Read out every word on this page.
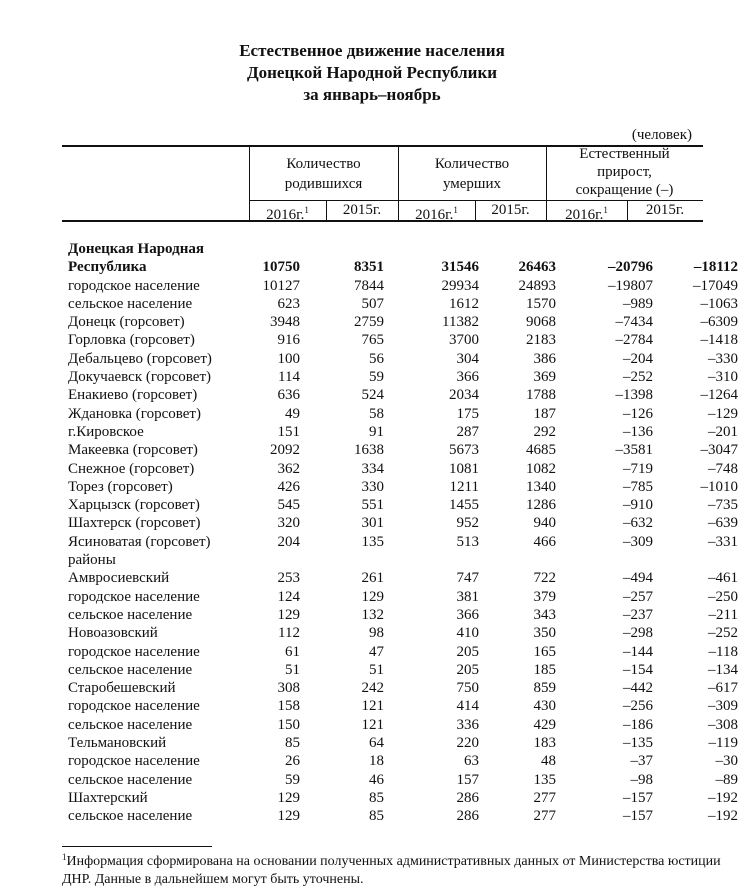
Естественное движение населения
Донецкой Народной Республики
за январь–ноябрь
(человек)
Количество
родившихся
Количество
умерших
Естественный
прирост,
сокращение (–)
2016г.$^1$	2015г.	2016г.$^1$	2015г.	2016г.$^1$	2015г.
Донецкая Народная
Республика	10750	8351	31546	26463	–20796	–18112
городское население	10127	7844	29934	24893	–19807	–17049
сельское население	623	507	1612	1570	–989	–1063
Донецк (горсовет)	3948	2759	11382	9068	–7434	–6309
Горловка (горсовет)	916	765	3700	2183	–2784	–1418
Дебальцево (горсовет)	100	56	304	386	–204	–330
Докучаевск (горсовет)	114	59	366	369	–252	–310
Енакиево (горсовет)	636	524	2034	1788	–1398	–1264
Ждановка (горсовет)	49	58	175	187	–126	–129
г.Кировское	151	91	287	292	–136	–201
Макеевка (горсовет)	2092	1638	5673	4685	–3581	–3047
Снежное (горсовет)	362	334	1081	1082	–719	–748
Торез (горсовет)	426	330	1211	1340	–785	–1010
Харцызск (горсовет)	545	551	1455	1286	–910	–735
Шахтерск (горсовет)	320	301	952	940	–632	–639
Ясиноватая (горсовет)	204	135	513	466	–309	–331
районы
Амвросиевский	253	261	747	722	–494	–461
городское население	124	129	381	379	–257	–250
сельское население	129	132	366	343	–237	–211
Новоазовский	112	98	410	350	–298	–252
городское население	61	47	205	165	–144	–118
сельское население	51	51	205	185	–154	–134
Старобешевский	308	242	750	859	–442	–617
городское население	158	121	414	430	–256	–309
сельское население	150	121	336	429	–186	–308
Тельмановский	85	64	220	183	–135	–119
городское население	26	18	63	48	–37	–30
сельское население	59	46	157	135	–98	–89
Шахтерский	129	85	286	277	–157	–192
сельское население	129	85	286	277	–157	–192
$^1$Информация сформирована на основании полученных административных данных от Министерства юстиции ДНР. Данные в дальнейшем могут быть уточнены.
